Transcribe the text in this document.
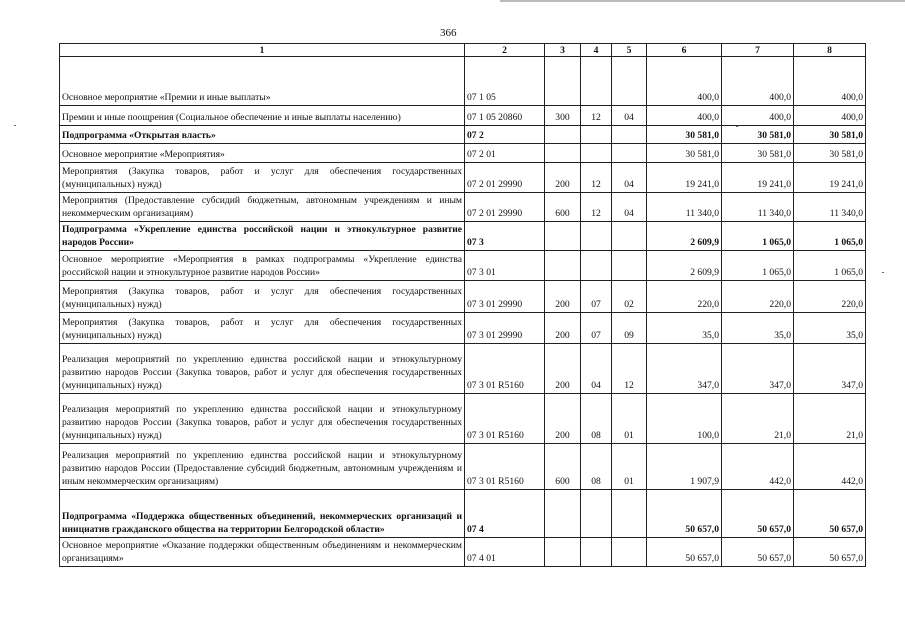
366
1	2	3	4	5	6	7	8
Основное мероприятие «Премии и иные выплаты»	07 1 05				400,0	400,0	400,0
Премии и иные поощрения (Социальное обеспечение и иные выплаты населению)	07 1 05 20860	300	12	04	400,0	400,0	400,0
Подпрограмма «Открытая власть»	07 2				30 581,0	30 581,0	30 581,0
Основное мероприятие «Мероприятия»	07 2 01				30 581,0	30 581,0	30 581,0
Мероприятия (Закупка товаров, работ и услуг для обеспечения государственных (муниципальных) нужд)	07 2 01 29990	200	12	04	19 241,0	19 241,0	19 241,0
Мероприятия (Предоставление субсидий бюджетным, автономным учреждениям и иным некоммерческим организациям)	07 2 01 29990	600	12	04	11 340,0	11 340,0	11 340,0
Подпрограмма «Укрепление единства российской нации и этнокультурное развитие народов России»	07 3				2 609,9	1 065,0	1 065,0
Основное мероприятие «Мероприятия в рамках подпрограммы «Укрепление единства российской нации и этнокультурное развитие народов России»	07 3 01				2 609,9	1 065,0	1 065,0
Мероприятия (Закупка товаров, работ и услуг для обеспечения государственных (муниципальных) нужд)	07 3 01 29990	200	07	02	220,0	220,0	220,0
Мероприятия (Закупка товаров, работ и услуг для обеспечения государственных (муниципальных) нужд)	07 3 01 29990	200	07	09	35,0	35,0	35,0
Реализация мероприятий по укреплению единства российской нации и этнокультурному развитию народов России (Закупка товаров, работ и услуг для обеспечения государственных (муниципальных) нужд)	07 3 01 R5160	200	04	12	347,0	347,0	347,0
Реализация мероприятий по укреплению единства российской нации и этнокультурному развитию народов России (Закупка товаров, работ и услуг для обеспечения государственных (муниципальных) нужд)	07 3 01 R5160	200	08	01	100,0	21,0	21,0
Реализация мероприятий по укреплению единства российской нации и этнокультурному развитию народов России (Предоставление субсидий бюджетным, автономным учреждениям и иным некоммерческим организациям)	07 3 01 R5160	600	08	01	1 907,9	442,0	442,0
Подпрограмма «Поддержка общественных объединений, некоммерческих организаций и инициатив гражданского общества на территории Белгородской области»	07 4				50 657,0	50 657,0	50 657,0
Основное мероприятие «Оказание поддержки общественным объединениям и некоммерческим организациям»	07 4 01				50 657,0	50 657,0	50 657,0
